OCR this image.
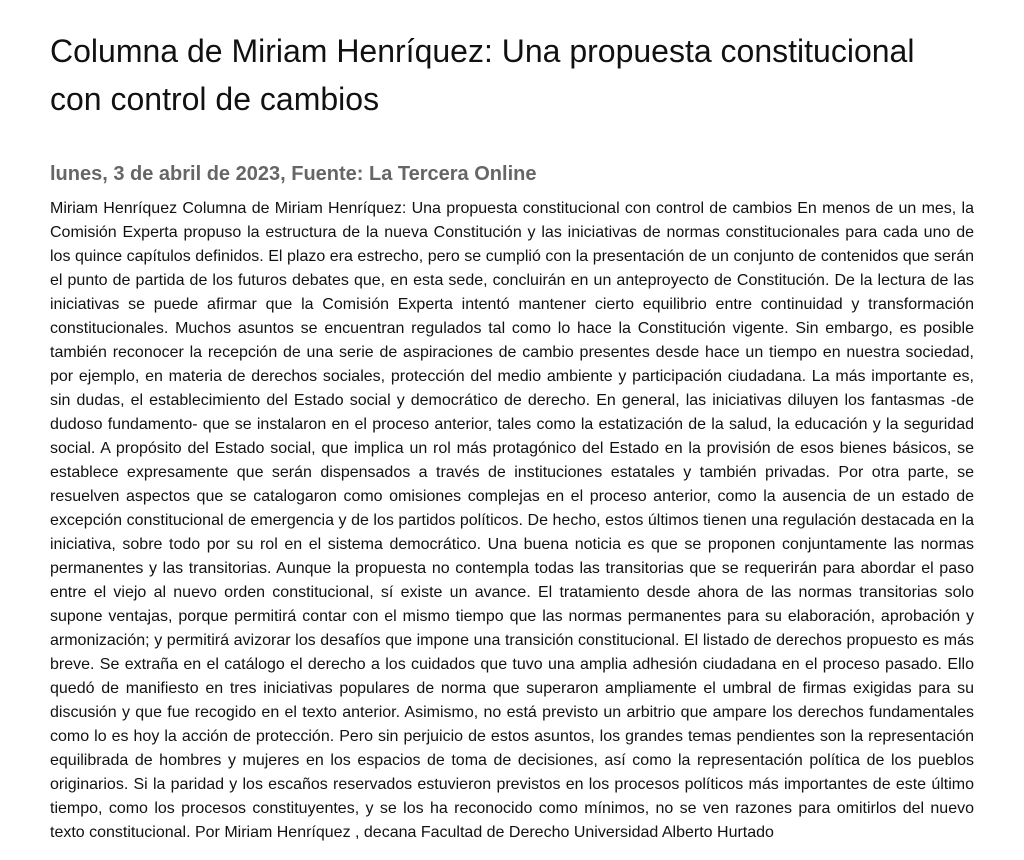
Columna de Miriam Henríquez: Una propuesta constitucional con control de cambios
lunes, 3 de abril de 2023, Fuente: La Tercera Online

Miriam Henríquez Columna de Miriam Henríquez: Una propuesta constitucional con control de cambios En menos de un mes, la Comisión Experta propuso la estructura de la nueva Constitución y las iniciativas de normas constitucionales para cada uno de los quince capítulos definidos. El plazo era estrecho, pero se cumplió con la presentación de un conjunto de contenidos que serán el punto de partida de los futuros debates que, en esta sede, concluirán en un anteproyecto de Constitución. De la lectura de las iniciativas se puede afirmar que la Comisión Experta intentó mantener cierto equilibrio entre continuidad y transformación constitucionales. Muchos asuntos se encuentran regulados tal como lo hace la Constitución vigente. Sin embargo, es posible también reconocer la recepción de una serie de aspiraciones de cambio presentes desde hace un tiempo en nuestra sociedad, por ejemplo, en materia de derechos sociales, protección del medio ambiente y participación ciudadana. La más importante es, sin dudas, el establecimiento del Estado social y democrático de derecho. En general, las iniciativas diluyen los fantasmas -de dudoso fundamento- que se instalaron en el proceso anterior, tales como la estatización de la salud, la educación y la seguridad social. A propósito del Estado social, que implica un rol más protagónico del Estado en la provisión de esos bienes básicos, se establece expresamente que serán dispensados a través de instituciones estatales y también privadas. Por otra parte, se resuelven aspectos que se catalogaron como omisiones complejas en el proceso anterior, como la ausencia de un estado de excepción constitucional de emergencia y de los partidos políticos. De hecho, estos últimos tienen una regulación destacada en la iniciativa, sobre todo por su rol en el sistema democrático. Una buena noticia es que se proponen conjuntamente las normas permanentes y las transitorias. Aunque la propuesta no contempla todas las transitorias que se requerirán para abordar el paso entre el viejo al nuevo orden constitucional, sí existe un avance. El tratamiento desde ahora de las normas transitorias solo supone ventajas, porque permitirá contar con el mismo tiempo que las normas permanentes para su elaboración, aprobación y armonización; y permitirá avizorar los desafíos que impone una transición constitucional. El listado de derechos propuesto es más breve. Se extraña en el catálogo el derecho a los cuidados que tuvo una amplia adhesión ciudadana en el proceso pasado. Ello quedó de manifiesto en tres iniciativas populares de norma que superaron ampliamente el umbral de firmas exigidas para su discusión y que fue recogido en el texto anterior. Asimismo, no está previsto un arbitrio que ampare los derechos fundamentales como lo es hoy la acción de protección. Pero sin perjuicio de estos asuntos, los grandes temas pendientes son la representación equilibrada de hombres y mujeres en los espacios de toma de decisiones, así como la representación política de los pueblos originarios. Si la paridad y los escaños reservados estuvieron previstos en los procesos políticos más importantes de este último tiempo, como los procesos constituyentes, y se los ha reconocido como mínimos, no se ven razones para omitirlos del nuevo texto constitucional. Por Miriam Henríquez , decana Facultad de Derecho Universidad Alberto Hurtado
